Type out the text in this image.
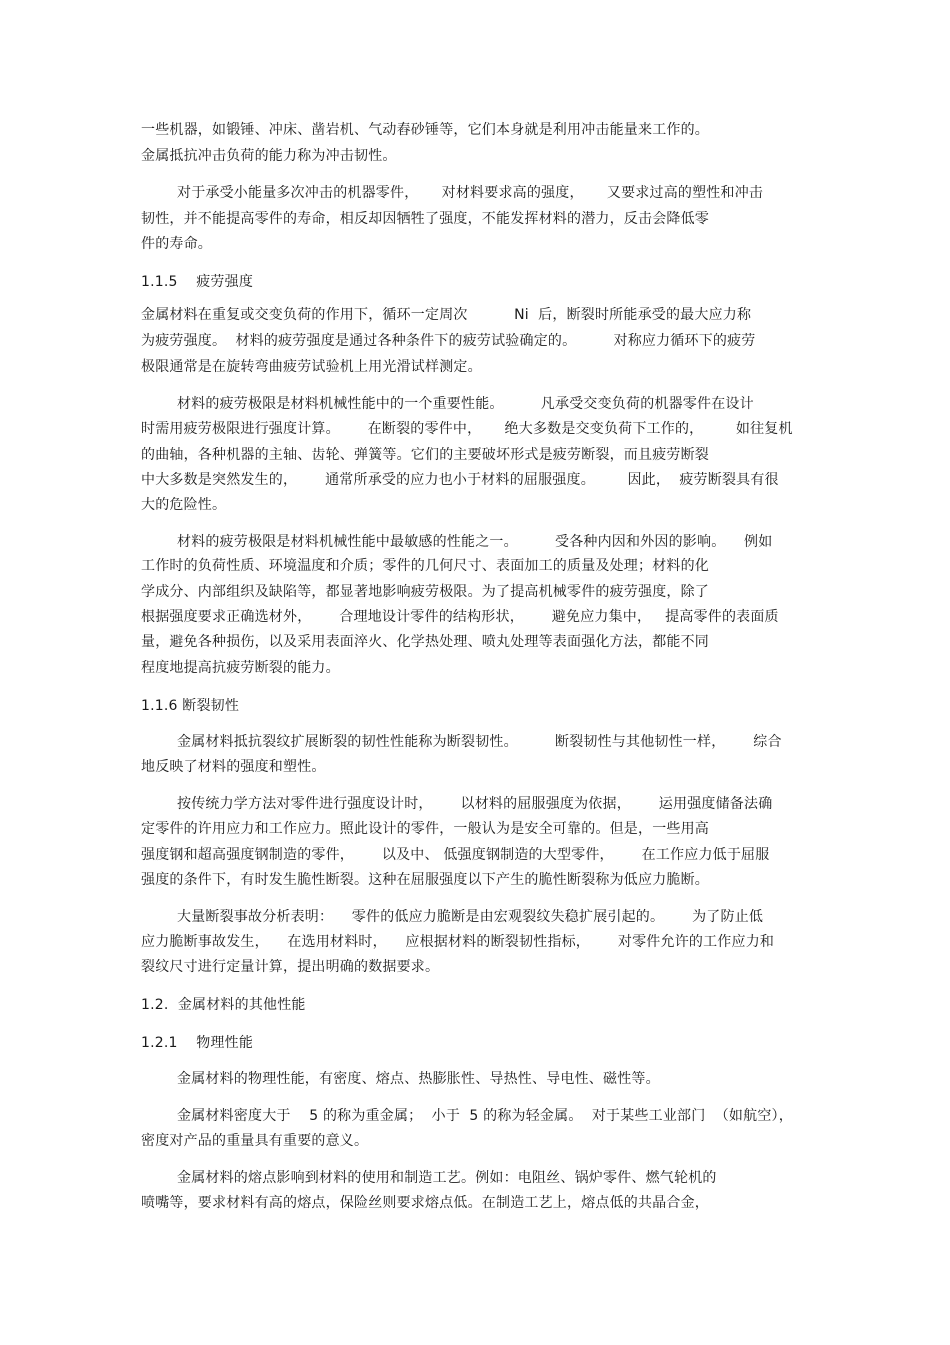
一些机器，如锻锤、冲床、凿岩机、气动舂砂锤等，它们本身就是利用冲击能量来工作的。
金属抵抗冲击负荷的能力称为冲击韧性。
对于承受小能量多次冲击的机器零件，     对材料要求高的强度，     又要求过高的塑性和冲击
韧性，并不能提高零件的寿命，相反却因牺牲了强度，不能发挥材料的潜力，反击会降低零
件的寿命。
1.1.5    疲劳强度
金属材料在重复或交变负荷的作用下，循环一定周次          Ni  后，断裂时所能承受的最大应力称
为疲劳强度。  材料的疲劳强度是通过各种条件下的疲劳试验确定的。        对称应力循环下的疲劳
极限通常是在旋转弯曲疲劳试验机上用光滑试样测定。
材料的疲劳极限是材料机械性能中的一个重要性能。        凡承受交变负荷的机器零件在设计
时需用疲劳极限进行强度计算。      在断裂的零件中，     绝大多数是交变负荷下工作的，       如往复机
的曲轴，各种机器的主轴、齿轮、弹簧等。它们的主要破坏形式是疲劳断裂，而且疲劳断裂
中大多数是突然发生的，      通常所承受的应力也小于材料的屈服强度。       因此，  疲劳断裂具有很
大的危险性。
材料的疲劳极限是材料机械性能中最敏感的性能之一。        受各种内因和外因的影响。    例如
工作时的负荷性质、环境温度和介质；零件的几何尺寸、表面加工的质量及处理；材料的化
学成分、内部组织及缺陷等，都显著地影响疲劳极限。为了提高机械零件的疲劳强度，除了
根据强度要求正确选材外，      合理地设计零件的结构形状，      避免应力集中，   提高零件的表面质
量，避免各种损伤，以及采用表面淬火、化学热处理、喷丸处理等表面强化方法，都能不同
程度地提高抗疲劳断裂的能力。
1.1.6 断裂韧性
金属材料抵抗裂纹扩展断裂的韧性性能称为断裂韧性。        断裂韧性与其他韧性一样，      综合
地反映了材料的强度和塑性。
按传统力学方法对零件进行强度设计时，      以材料的屈服强度为依据，      运用强度储备法确
定零件的许用应力和工作应力。照此设计的零件，一般认为是安全可靠的。但是，一些用高
强度钢和超高强度钢制造的零件，      以及中、 低强度钢制造的大型零件，      在工作应力低于屈服
强度的条件下，有时发生脆性断裂。这种在屈服强度以下产生的脆性断裂称为低应力脆断。
大量断裂事故分析表明：    零件的低应力脆断是由宏观裂纹失稳扩展引起的。      为了防止低
应力脆断事故发生，    在选用材料时，    应根据材料的断裂韧性指标，      对零件允许的工作应力和
裂纹尺寸进行定量计算，提出明确的数据要求。
1.2.  金属材料的其他性能
1.2.1    物理性能
金属材料的物理性能，有密度、熔点、热膨胀性、导热性、导电性、磁性等。
金属材料密度大于    5 的称为重金属；  小于  5 的称为轻金属。  对于某些工业部门  （如航空），
密度对产品的重量具有重要的意义。
金属材料的熔点影响到材料的使用和制造工艺。例如：电阻丝、锅炉零件、燃气轮机的
喷嘴等，要求材料有高的熔点，保险丝则要求熔点低。在制造工艺上，熔点低的共晶合金，
